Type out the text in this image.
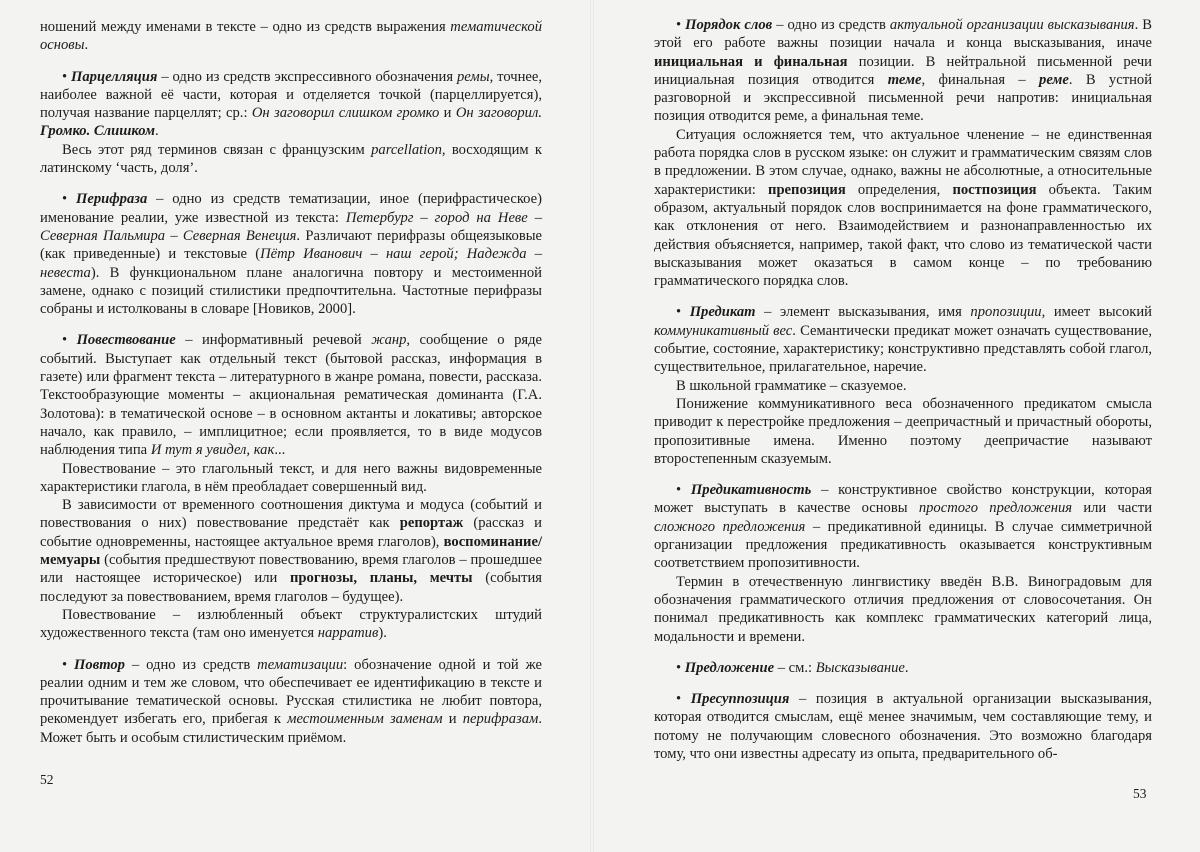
ношений между именами в тексте – одно из средств выражения тематической основы.

• Парцелляция – одно из средств экспрессивного обозначения ремы, точнее, наиболее важной её части, которая и отделяется точкой (парцеллируется), получая название парцеллят; ср.: Он заговорил слишком громко и Он заговорил. Громко. Слишком.

Весь этот ряд терминов связан с французским parcellation, восходящим к латинскому ‘часть, доля’.

• Перифраза – одно из средств тематизации, иное (перифрастическое) именование реалии, уже известной из текста: Петербург – город на Неве – Северная Пальмира – Северная Венеция. Различают перифразы общеязыковые (как приведенные) и текстовые (Пётр Иванович – наш герой; Надежда – невеста). В функциональном плане аналогична повтору и местоименной замене, однако с позиций стилистики предпочтительна. Частотные перифразы собраны и истолкованы в словаре [Новиков, 2000].

• Повествование – информативный речевой жанр, сообщение о ряде событий. Выступает как отдельный текст (бытовой рассказ, информация в газете) или фрагмент текста – литературного в жанре романа, повести, рассказа. Текстообразующие моменты – акциональная рематическая доминанта (Г.А. Золотова): в тематической основе – в основном актанты и локативы; авторское начало, как правило, – имплицитное; если проявляется, то в виде модусов наблюдения типа И тут я увидел, как...

Повествование – это глагольный текст, и для него важны видовременные характеристики глагола, в нём преобладает совершенный вид.

В зависимости от временного соотношения диктума и модуса (событий и повествования о них) повествование предстаёт как репортаж (рассказ и событие одновременны, настоящее актуальное время глаголов), воспоминание/мемуары (события предшествуют повествованию, время глаголов – прошедшее или настоящее историческое) или прогнозы, планы, мечты (события последуют за повествованием, время глаголов – будущее).

Повествование – излюбленный объект структуралистских штудий художественного текста (там оно именуется нарратив).

• Повтор – одно из средств тематизации: обозначение одной и той же реалии одним и тем же словом, что обеспечивает ее идентификацию в тексте и прочитывание тематической основы. Русская стилистика не любит повтора, рекомендует избегать его, прибегая к местоименным заменам и перифразам. Может быть и особым стилистическим приёмом.

52

• Порядок слов – одно из средств актуальной организации высказывания. В этой его работе важны позиции начала и конца высказывания, иначе инициальная и финальная позиции. В нейтральной письменной речи инициальная позиция отводится теме, финальная – реме. В устной разговорной и экспрессивной письменной речи напротив: инициальная позиция отводится реме, а финальная теме.

Ситуация осложняется тем, что актуальное членение – не единственная работа порядка слов в русском языке: он служит и грамматическим связям слов в предложении. В этом случае, однако, важны не абсолютные, а относительные характеристики: препозиция определения, постпозиция объекта. Таким образом, актуальный порядок слов воспринимается на фоне грамматического, как отклонения от него. Взаимодействием и разнонаправленностью их действия объясняется, например, такой факт, что слово из тематической части высказывания может оказаться в самом конце – по требованию грамматического порядка слов.

• Предикат – элемент высказывания, имя пропозиции, имеет высокий коммуникативный вес. Семантически предикат может означать существование, событие, состояние, характеристику; конструктивно представлять собой глагол, существительное, прилагательное, наречие.

В школьной грамматике – сказуемое.

Понижение коммуникативного веса обозначенного предикатом смысла приводит к перестройке предложения – деепричастный и причастный обороты, пропозитивные имена. Именно поэтому деепричастие называют второстепенным сказуемым.

• Предикативность – конструктивное свойство конструкции, которая может выступать в качестве основы простого предложения или части сложного предложения – предикативной единицы. В случае симметричной организации предложения предикативность оказывается конструктивным соответствием пропозитивности.

Термин в отечественную лингвистику введён В.В. Виноградовым для обозначения грамматического отличия предложения от словосочетания. Он понимал предикативность как комплекс грамматических категорий лица, модальности и времени.

• Предложение – см.: Высказывание.

• Пресуппозиция – позиция в актуальной организации высказывания, которая отводится смыслам, ещё менее значимым, чем составляющие тему, и потому не получающим словесного обозначения. Это возможно благодаря тому, что они известны адресату из опыта, предварительного об-

53
